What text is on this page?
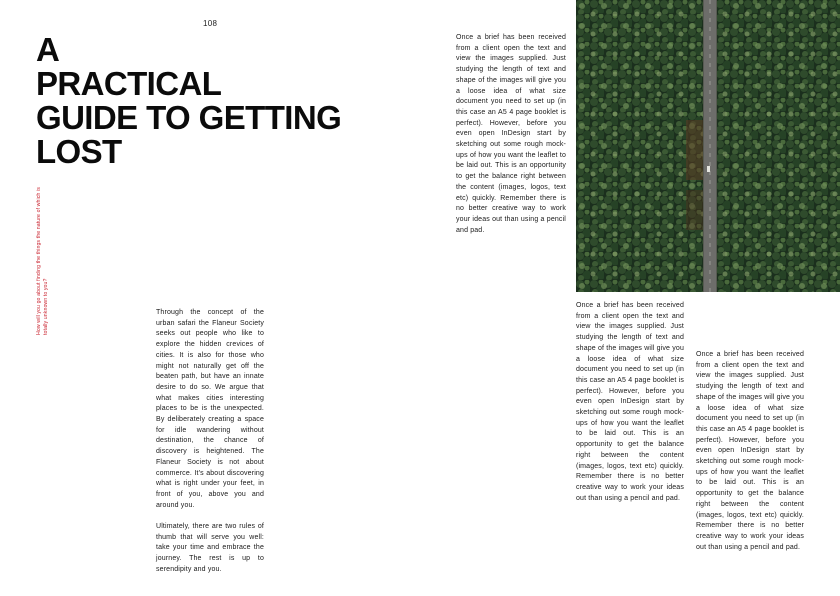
108
A
PRACTICAL
GUIDE TO GETTING
LOST
How will you go about finding the things the nature of which is totally unknown to you?	Through the concept of the urban safari the Flaneur Society seeks out people who like to explore the hidden crevices of cities. It is also for those who might not naturally get off the beaten path, but have an innate desire to do so. We argue that what makes cities interesting places to be is the unexpected. By deliberately creating a space for idle wandering without destination, the chance of discovery is heightened. The Flaneur Society is not about commerce. It's about discovering what is right under your feet, in front of you, above you and around you.

Ultimately, there are two rules of thumb that will serve you well: take your time and embrace the journey. The rest is up to serendipity and you.

Once a brief has been received from a client open the text and view the images supplied. Just studying the length of text and shape of the images will give you a loose idea of what size document you need to set up (in this case an A5 4 page booklet is perfect). However, before you even open InDesign start by sketching out some rough mock-ups of how you want the leaflet to be laid out. This is an opportunity to get the balance right between the content (images, logos, text etc) quickly. Remember there is no better creative way to work your ideas out than using a pencil and pad.

Once a brief has been received from a client open the text and view the images supplied. Just studying the length of text and shape of the images will give you a loose idea of what size document you need to set up (in this case an A5 4 page booklet is perfect). However, before you even open InDesign start by sketching out some rough mock-ups of how you want the leaflet to be laid out. This is an opportunity to get the balance right between the content (images, logos, text etc) quickly. Remember there is no better creative way to work your ideas out than using a pencil and pad.

Once a brief has been received from a client open the text and view the images supplied. Just studying the length of text and shape of the images will give you a loose idea of what size document you need to set up (in this case an A5 4 page booklet is perfect). However, before you even open InDesign start by sketching out some rough mock-ups of how you want the leaflet to be laid out. This is an opportunity to get the balance right between the content (images, logos, text etc) quickly. Remember there is no better creative way to work your ideas out than using a pencil and pad.
